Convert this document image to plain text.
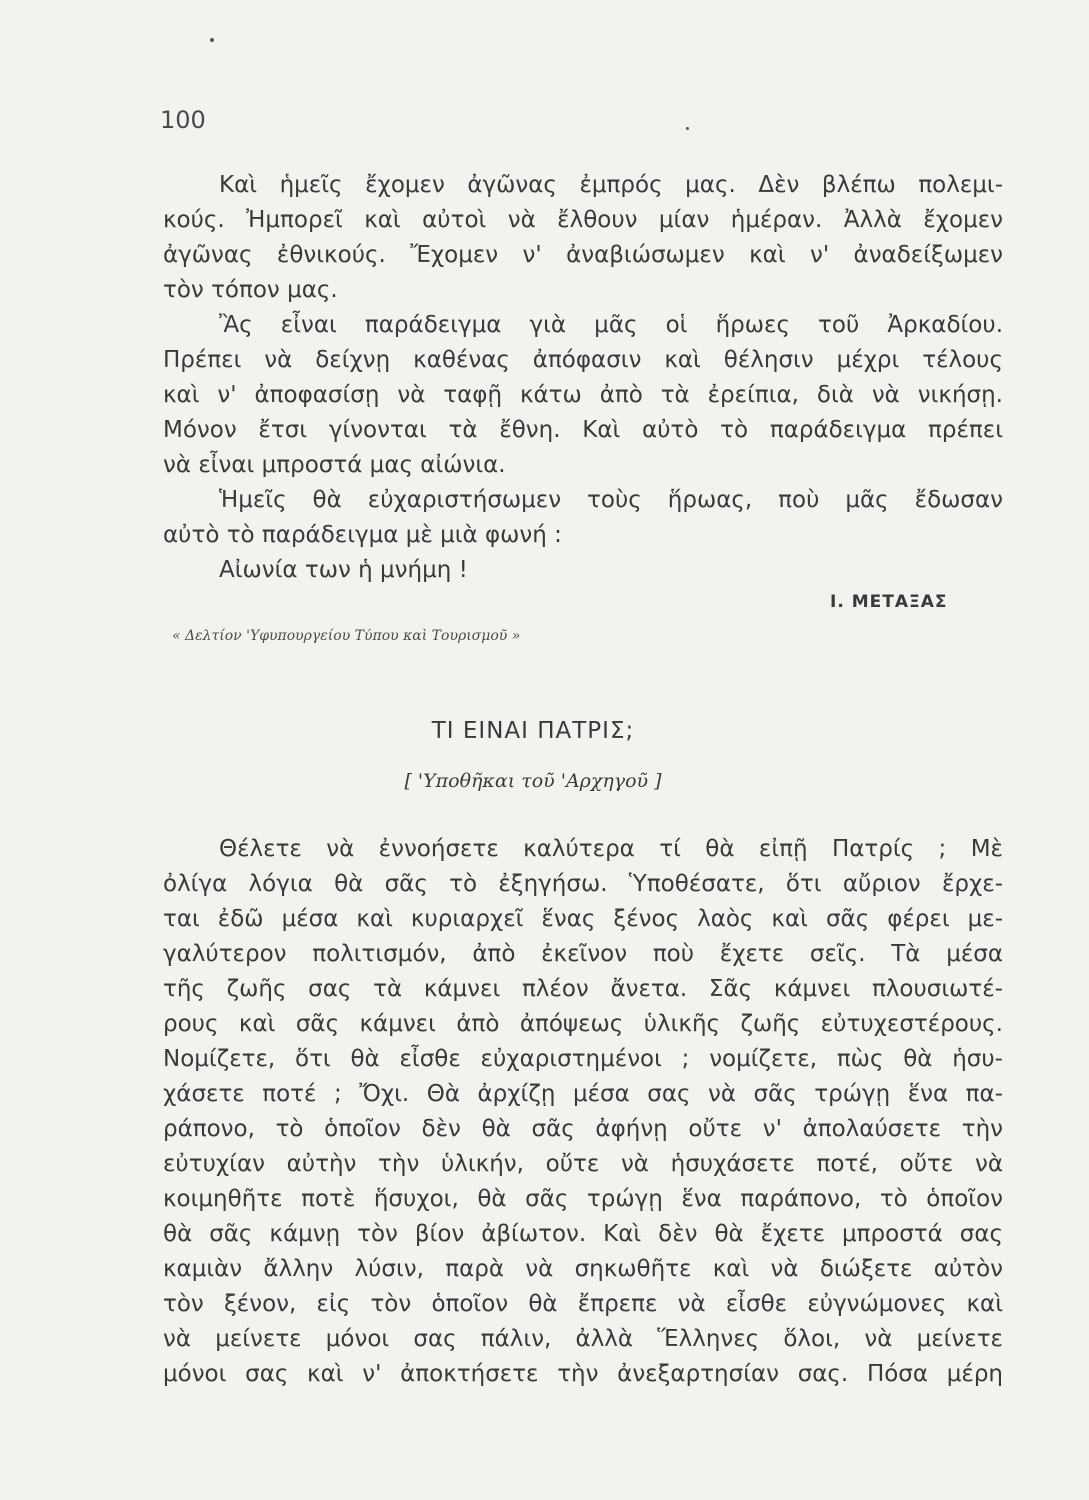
100
Καὶ ἡμεῖς ἔχομεν ἀγῶνας ἐμπρός μας. Δὲν βλέπω πολεμι-
κούς. Ἠμπορεῖ καὶ αὐτοὶ νὰ ἔλθουν μίαν ἡμέραν. Ἀλλὰ ἔχομεν
ἀγῶνας ἐθνικούς. Ἔχομεν ν' ἀναβιώσωμεν καὶ ν' ἀναδείξωμεν
τὸν τόπον μας.
Ἂς εἶναι παράδειγμα γιὰ μᾶς οἱ ἥρωες τοῦ Ἀρκαδίου.
Πρέπει νὰ δείχνῃ καθένας ἀπόφασιν καὶ θέλησιν μέχρι τέλους
καὶ ν' ἀποφασίσῃ νὰ ταφῇ κάτω ἀπὸ τὰ ἐρείπια, διὰ νὰ νικήσῃ.
Μόνον ἔτσι γίνονται τὰ ἔθνη. Καὶ αὐτὸ τὸ παράδειγμα πρέπει
νὰ εἶναι μπροστά μας αἰώνια.
Ἡμεῖς θὰ εὐχαριστήσωμεν τοὺς ἥρωας, ποὺ μᾶς ἔδωσαν
αὐτὸ τὸ παράδειγμα μὲ μιὰ φωνή :
Αἰωνία των ἡ μνήμη !
Ι. ΜΕΤΑΞΑΣ
« Δελτίον 'Υφυπουργείου Τύπου καὶ Τουρισμοῦ »
ΤΙ ΕΙΝΑΙ ΠΑΤΡΙΣ;
[ 'Υποθῆκαι τοῦ 'Αρχηγοῦ ]
Θέλετε νὰ ἐννοήσετε καλύτερα τί θὰ εἰπῇ Πατρίς ; Μὲ
ὀλίγα λόγια θὰ σᾶς τὸ ἐξηγήσω. Ὑποθέσατε, ὅτι αὔριον ἔρχε-
ται ἐδῶ μέσα καὶ κυριαρχεῖ ἕνας ξένος λαὸς καὶ σᾶς φέρει με-
γαλύτερον πολιτισμόν, ἀπὸ ἐκεῖνον ποὺ ἔχετε σεῖς. Τὰ μέσα
τῆς ζωῆς σας τὰ κάμνει πλέον ἄνετα. Σᾶς κάμνει πλουσιωτέ-
ρους καὶ σᾶς κάμνει ἀπὸ ἀπόψεως ὑλικῆς ζωῆς εὐτυχεστέρους.
Νομίζετε, ὅτι θὰ εἶσθε εὐχαριστημένοι ; νομίζετε, πὼς θὰ ἡσυ-
χάσετε ποτέ ; Ὄχι. Θὰ ἀρχίζῃ μέσα σας νὰ σᾶς τρώγῃ ἕνα πα-
ράπονο, τὸ ὁποῖον δὲν θὰ σᾶς ἀφήνῃ οὔτε ν' ἀπολαύσετε τὴν
εὐτυχίαν αὐτὴν τὴν ὑλικήν, οὔτε νὰ ἡσυχάσετε ποτέ, οὔτε νὰ
κοιμηθῆτε ποτὲ ἥσυχοι, θὰ σᾶς τρώγῃ ἕνα παράπονο, τὸ ὁποῖον
θὰ σᾶς κάμνῃ τὸν βίον ἀβίωτον. Καὶ δὲν θὰ ἔχετε μπροστά σας
καμιὰν ἄλλην λύσιν, παρὰ νὰ σηκωθῆτε καὶ νὰ διώξετε αὐτὸν
τὸν ξένον, εἰς τὸν ὁποῖον θὰ ἔπρεπε νὰ εἶσθε εὐγνώμονες καὶ
νὰ μείνετε μόνοι σας πάλιν, ἀλλὰ Ἕλληνες ὅλοι, νὰ μείνετε
μόνοι σας καὶ ν' ἀποκτήσετε τὴν ἀνεξαρτησίαν σας. Πόσα μέρη
